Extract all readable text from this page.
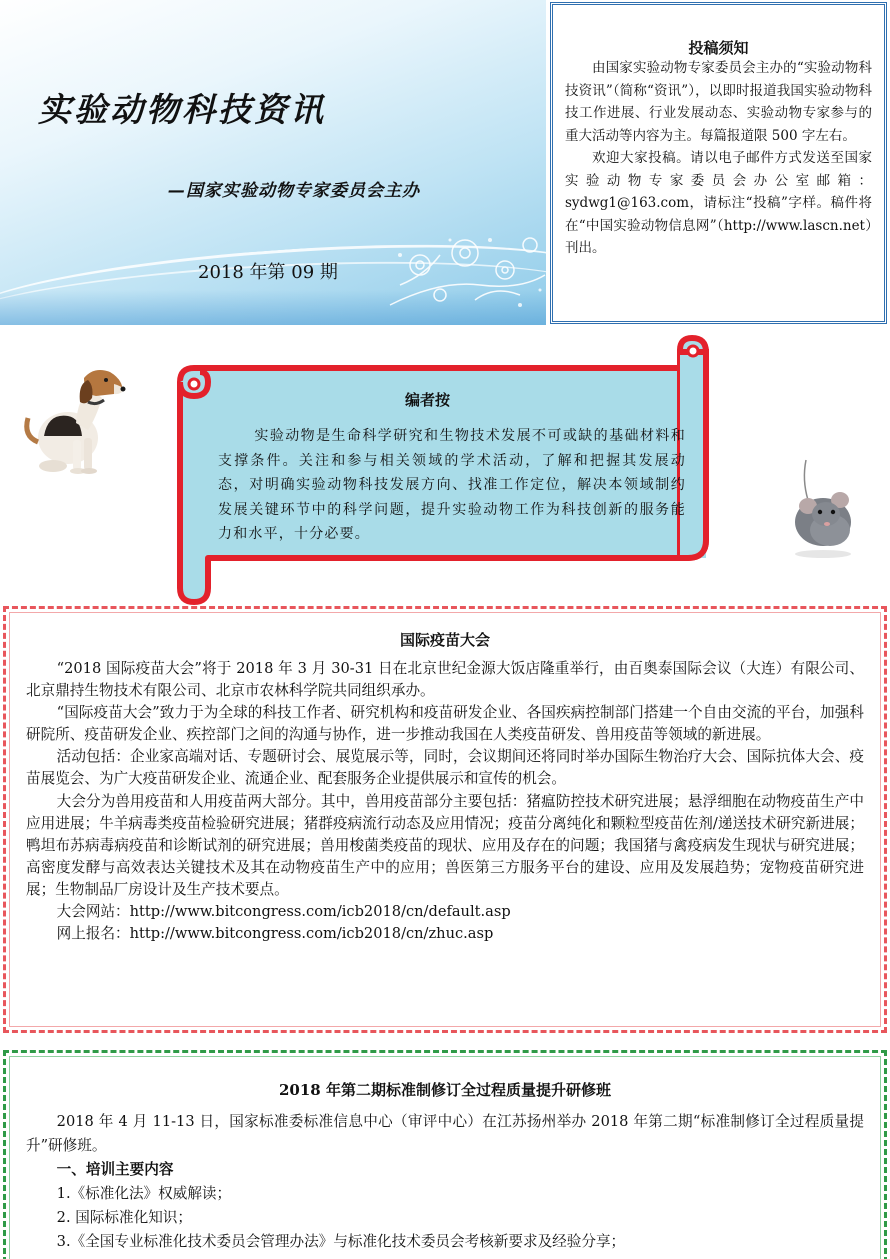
实验动物科技资讯
—国家实验动物专家委员会主办
2018 年第 09 期
投稿须知

由国家实验动物专家委员会主办的“实验动物科技资讯”（简称“资讯”），以即时报道我国实验动物科技工作进展、行业发展动态、实验动物专家参与的重大活动等内容为主。每篇报道限 500 字左右。

欢迎大家投稿。请以电子邮件方式发送至国家实验动物专家委员会办公室邮箱：sydwg1@163.com，请标注“投稿”字样。稿件将在“中国实验动物信息网”（http://www.lascn.net）刊出。

编者按

实验动物是生命科学研究和生物技术发展不可或缺的基础材料和支撑条件。关注和参与相关领域的学术活动，了解和把握其发展动态，对明确实验动物科技发展方向、找准工作定位，解决本领域制约发展关键环节中的科学问题，提升实验动物工作为科技创新的服务能力和水平，十分必要。

国际疫苗大会

“2018 国际疫苗大会”将于 2018 年 3 月 30-31 日在北京世纪金源大饭店隆重举行，由百奥泰国际会议（大连）有限公司、北京鼎持生物技术有限公司、北京市农林科学院共同组织承办。

“国际疫苗大会”致力于为全球的科技工作者、研究机构和疫苗研发企业、各国疾病控制部门搭建一个自由交流的平台，加强科研院所、疫苗研发企业、疾控部门之间的沟通与协作，进一步推动我国在人类疫苗研发、兽用疫苗等领域的新进展。

活动包括：企业家高端对话、专题研讨会、展览展示等，同时，会议期间还将同时举办国际生物治疗大会、国际抗体大会、疫苗展览会、为广大疫苗研发企业、流通企业、配套服务企业提供展示和宣传的机会。

大会分为兽用疫苗和人用疫苗两大部分。其中，兽用疫苗部分主要包括：猪瘟防控技术研究进展；悬浮细胞在动物疫苗生产中应用进展；牛羊病毒类疫苗检验研究进展；猪群疫病流行动态及应用情况；疫苗分离纯化和颗粒型疫苗佐剂/递送技术研究新进展；鸭坦布苏病毒病疫苗和诊断试剂的研究进展；兽用梭菌类疫苗的现状、应用及存在的问题；我国猪与禽疫病发生现状与研究进展；高密度发酵与高效表达关键技术及其在动物疫苗生产中的应用；兽医第三方服务平台的建设、应用及发展趋势；宠物疫苗研究进展；生物制品厂房设计及生产技术要点。

大会网站：http://www.bitcongress.com/icb2018/cn/default.asp

网上报名：http://www.bitcongress.com/icb2018/cn/zhuc.asp

2018 年第二期标准制修订全过程质量提升研修班

2018 年 4 月 11-13 日，国家标准委标准信息中心（审评中心）在江苏扬州举办 2018 年第二期“标准制修订全过程质量提升”研修班。

一、培训主要内容

1.《标准化法》权威解读；

2. 国际标准化知识；

3.《全国专业标准化技术委员会管理办法》与标准化技术委员会考核新要求及经验分享；
